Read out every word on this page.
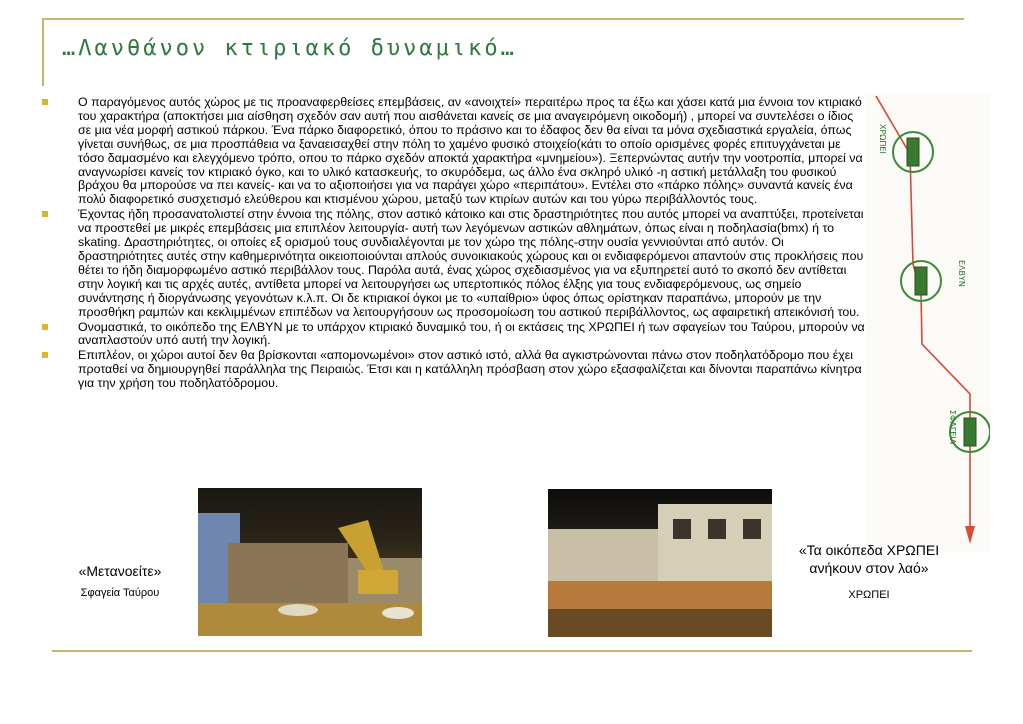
…Λανθάνον κτιριακό δυναμικό…
Ο παραγόμενος αυτός χώρος με τις προαναφερθείσες επεμβάσεις, αν «ανοιχτεί» περαιτέρω προς τα έξω και χάσει κατά μια έννοια τον κτιριακό του χαρακτήρα (αποκτήσει μια αίσθηση σχεδόν σαν αυτή που αισθάνεται κανείς σε μια αναγειρόμενη οικοδομή) , μπορεί να συντελέσει ο ίδιος σε μια νέα μορφή αστικού πάρκου. Ένα πάρκο διαφορετικό, όπου το πράσινο και το έδαφος δεν θα είναι τα μόνα σχεδιαστικά εργαλεία, όπως γίνεται συνήθως, σε μια προσπάθεια να ξαναεισαχθεί στην πόλη το χαμένο φυσικό στοιχείο(κάτι το οποίο ορισμένες φορές επιτυγχάνεται με τόσο δαμασμένο και ελεγχόμενο τρόπο, οπου το πάρκο σχεδόν αποκτά χαρακτήρα «μνημείου»). Ξεπερνώντας αυτήν την νοοτροπία, μπορεί να αναγνωρίσει κανείς τον κτιριακό όγκο, και το υλικό κατασκευής, το σκυρόδεμα, ως άλλο ένα σκληρό υλικό -η αστική μετάλλαξη του φυσικού βράχου θα μπορούσε να πει κανείς- και να το αξιοποιήσει για να παράγει χώρο «περιπάτου». Εντέλει στο «πάρκο πόλης» συναντά κανείς ένα πολύ διαφορετικό συσχετισμό ελεύθερου και κτισμένου χώρου, μεταξύ των κτιρίων αυτών και του γύρω περιβάλλοντός τους.
Έχοντας ήδη προσανατολιστεί στην έννοια της πόλης, στον αστικό κάτοικο και στις δραστηριότητες που αυτός μπορεί να αναπτύξει, προτείνεται να προστεθεί με μικρές επεμβάσεις μια επιπλέον λειτουργία- αυτή των λεγόμενων αστικών αθλημάτων, όπως είναι η ποδηλασία(bmx) ή το skating. Δραστηριότητες, οι οποίες εξ ορισμού τους συνδιαλέγονται με τον χώρο της πόλης-στην ουσία γεννιούνται από αυτόν. Οι δραστηριότητες αυτές στην καθημερινότητα οικειοποιούνται απλούς συνοικιακούς χώρους και οι ενδιαφερόμενοι απαντούν στις προκλήσεις που θέτει το ήδη διαμορφωμένο αστικό περιβάλλον τους. Παρόλα αυτά, ένας χώρος σχεδιασμένος για να εξυπηρετεί αυτό το σκοπό δεν αντίθεται στην λογική και τις αρχές αυτές, αντίθετα μπορεί να λειτουργήσει ως υπερτοπικός πόλος έλξης για τους ενδιαφερόμενους, ως σημείο συνάντησης ή διοργάνωσης γεγονότων κ.λ.π. Οι δε κτιριακοί όγκοι με το «υπαίθριο» ύφος όπως ορίστηκαν παραπάνω, μπορούν με την προσθήκη ραμπών και κεκλιμμένων επιπέδων να λειτουργήσουν ως προσομοίωση του αστικού περιβάλλοντος, ως αφαιρετική απεικόνισή του.
Ονομαστικά, το οικόπεδο της ΕΛΒΥΝ με το υπάρχον κτιριακό δυναμικό του, ή οι εκτάσεις της ΧΡΩΠΕΙ ή των σφαγείων του Ταύρου, μπορούν να αναπλαστούν υπό αυτή την λογική.
Επιπλέον, οι χώροι αυτοί δεν θα βρίσκονται «απομονωμένοι» στον αστικό ιστό, αλλά θα αγκιστρώνονται πάνω στον ποδηλατόδρομο που έχει προταθεί να δημιουργηθεί παράλληλα της Πειραιώς. Έτσι και η κατάλληλη πρόσβαση στον χώρο εξασφαλίζεται και δίνονται παραπάνω κίνητρα για την χρήση του ποδηλατόδρομου.
ΧΡΩΠΕΙ
ΕΛΒΥΝ
ΣΦΑΓΕΙΑ
«Μετανοείτε»
Σφαγεία Ταύρου
«Τα οικόπεδα ΧΡΩΠΕΙ
ανήκουν στον λαό»
ΧΡΩΠΕΙ
